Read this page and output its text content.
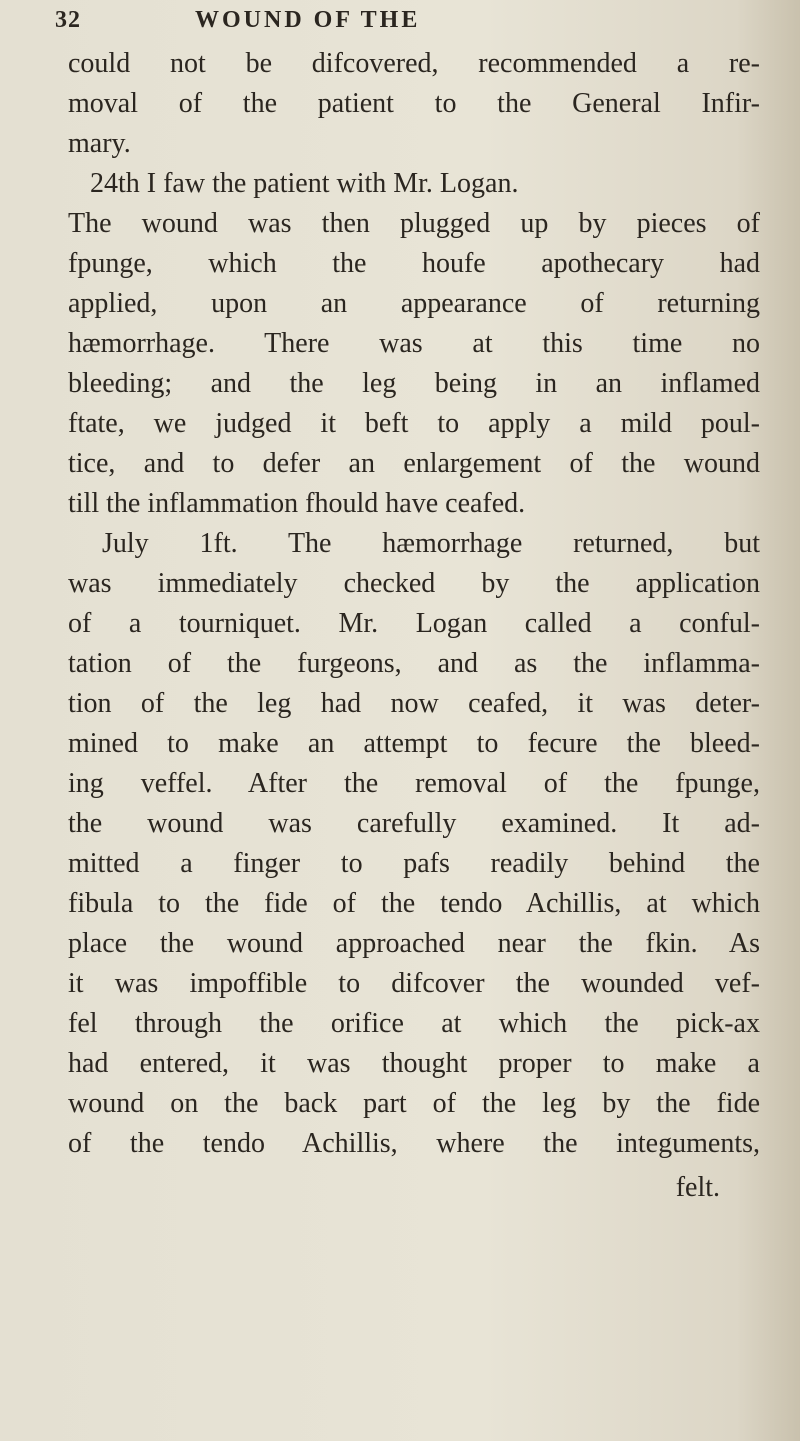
32	WOUND OF THE
could not be difcovered, recommended a re-
moval of the patient to the General Infir-
mary.
24th I faw the patient with Mr. Logan.
The wound was then plugged up by pieces of
fpunge, which the houfe apothecary had
applied, upon an appearance of returning
hæmorrhage. There was at this time no
bleeding; and the leg being in an inflamed
ftate, we judged it beft to apply a mild poul-
tice, and to defer an enlargement of the wound
till the inflammation fhould have ceafed.
July 1ft. The hæmorrhage returned, but
was immediately checked by the application
of a tourniquet. Mr. Logan called a conful-
tation of the furgeons, and as the inflamma-
tion of the leg had now ceafed, it was deter-
mined to make an attempt to fecure the bleed-
ing veffel. After the removal of the fpunge,
the wound was carefully examined. It ad-
mitted a finger to pafs readily behind the
fibula to the fide of the tendo Achillis, at which
place the wound approached near the fkin. As
it was impoffible to difcover the wounded vef-
fel through the orifice at which the pick-ax
had entered, it was thought proper to make a
wound on the back part of the leg by the fide
of the tendo Achillis, where the integuments,
felt.
